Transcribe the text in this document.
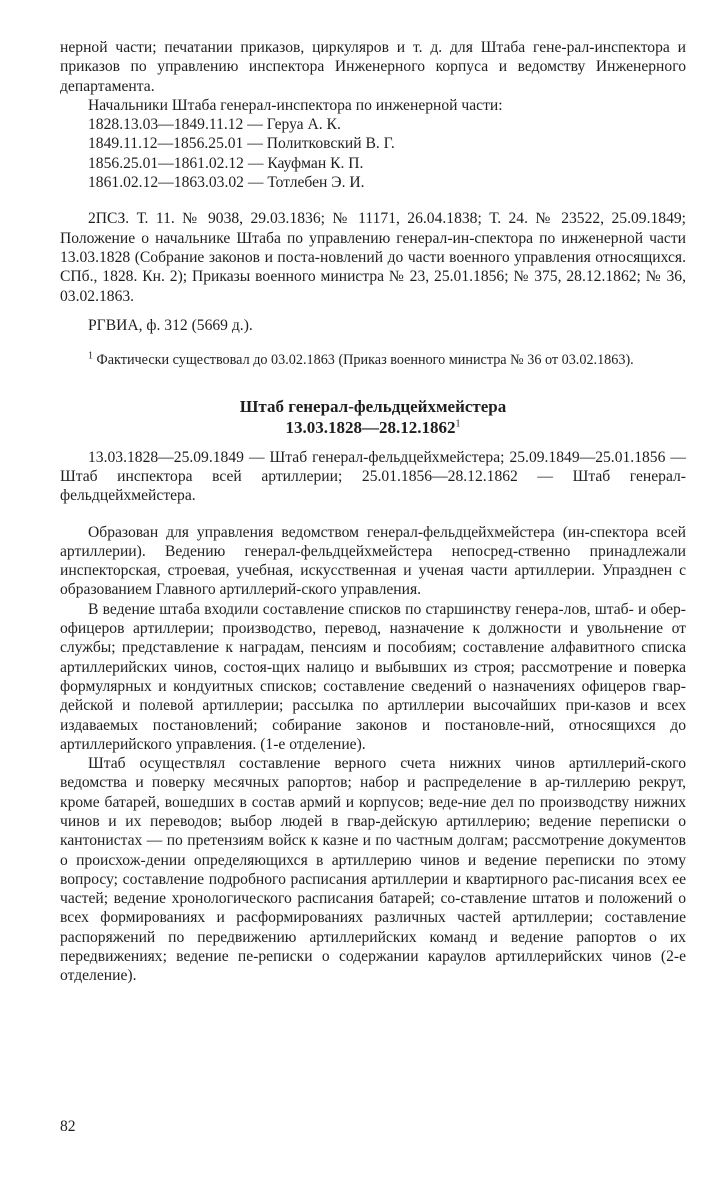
нерной части; печатании приказов, циркуляров и т. д. для Штаба гене-рал-инспектора и приказов по управлению инспектора Инженерного корпуса и ведомству Инженерного департамента.

Начальники Штаба генерал-инспектора по инженерной части:

1828.13.03—1849.11.12 — Геруа А. К.
1849.11.12—1856.25.01 — Политковский В. Г.
1856.25.01—1861.02.12 — Кауфман К. П.
1861.02.12—1863.03.02 — Тотлебен Э. И.

2ПСЗ. Т. 11. № 9038, 29.03.1836; № 11171, 26.04.1838; Т. 24. № 23522, 25.09.1849; Положение о начальнике Штаба по управлению генерал-ин-спектора по инженерной части 13.03.1828 (Собрание законов и поста-новлений до части военного управления относящихся. СПб., 1828. Кн. 2); Приказы военного министра № 23, 25.01.1856; № 375, 28.12.1862; № 36, 03.02.1863.

РГВИА, ф. 312 (5669 д.).

$^1$ Фактически существовал до 03.02.1863 (Приказ военного министра № 36 от 03.02.1863).

Штаб генерал-фельдцейхмейстера
13.03.1828—28.12.1862$^1$

13.03.1828—25.09.1849 — Штаб генерал-фельдцейхмейстера; 25.09.1849—25.01.1856 — Штаб инспектора всей артиллерии; 25.01.1856—28.12.1862 — Штаб генерал-фельдцейхмейстера.

Образован для управления ведомством генерал-фельдцейхмейстера (ин-спектора всей артиллерии). Ведению генерал-фельдцейхмейстера непосред-ственно принадлежали инспекторская, строевая, учебная, искусственная и ученая части артиллерии. Упразднен с образованием Главного артиллерий-ского управления.

В ведение штаба входили составление списков по старшинству генера-лов, штаб- и обер-офицеров артиллерии; производство, перевод, назначение к должности и увольнение от службы; представление к наградам, пенсиям и пособиям; составление алфавитного списка артиллерийских чинов, состоя-щих налицо и выбывших из строя; рассмотрение и поверка формулярных и кондуитных списков; составление сведений о назначениях офицеров гвар-дейской и полевой артиллерии; рассылка по артиллерии высочайших при-казов и всех издаваемых постановлений; собирание законов и постановле-ний, относящихся до артиллерийского управления. (1-е отделение).

Штаб осуществлял составление верного счета нижних чинов артиллерий-ского ведомства и поверку месячных рапортов; набор и распределение в ар-тиллерию рекрут, кроме батарей, вошедших в состав армий и корпусов; веде-ние дел по производству нижних чинов и их переводов; выбор людей в гвар-дейскую артиллерию; ведение переписки о кантонистах — по претензиям войск к казне и по частным долгам; рассмотрение документов о происхож-дении определяющихся в артиллерию чинов и ведение переписки по этому вопросу; составление подробного расписания артиллерии и квартирного рас-писания всех ее частей; ведение хронологического расписания батарей; со-ставление штатов и положений о всех формированиях и расформированиях различных частей артиллерии; составление распоряжений по передвижению артиллерийских команд и ведение рапортов о их передвижениях; ведение пе-реписки о содержании караулов артиллерийских чинов (2-е отделение).

82
